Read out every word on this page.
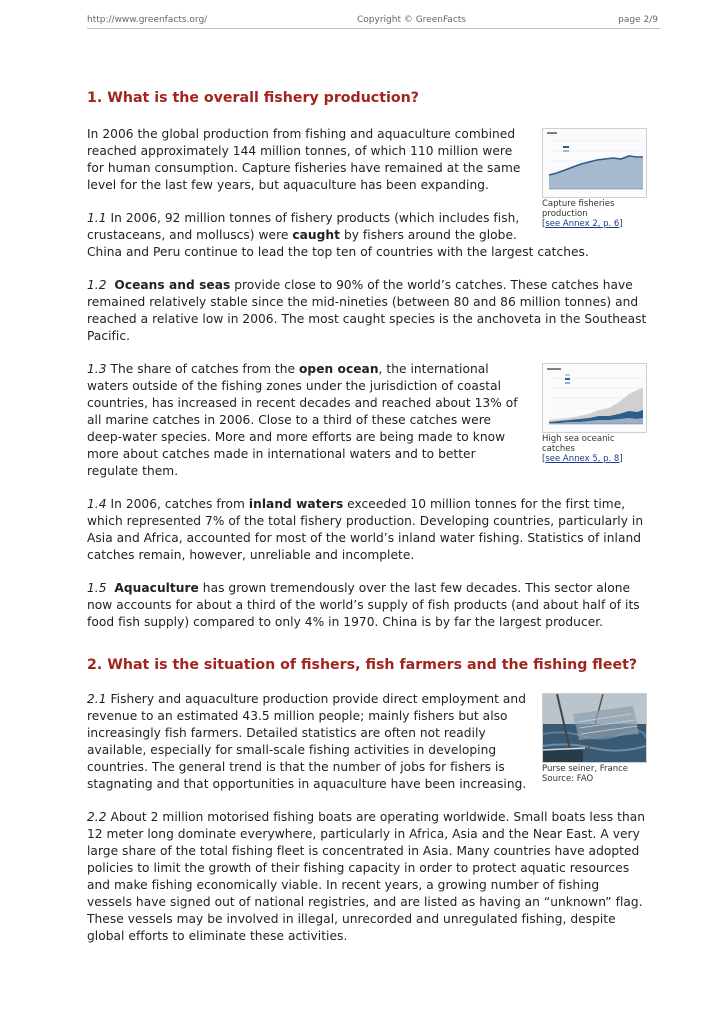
http://www.greenfacts.org/	Copyright © GreenFacts	page 2/9
1. What is the overall fishery production?
Capture fisheries production
[see Annex 2, p. 6]

In 2006 the global production from fishing and aquaculture combined reached approximately 144 million tonnes, of which 110 million were for human consumption. Capture fisheries have remained at the same level for the last few years, but aquaculture has been expanding.

1.1 In 2006, 92 million tonnes of fishery products (which includes fish, crustaceans, and molluscs) were caught by fishers around the globe. China and Peru continue to lead the top ten of countries with the largest catches.

1.2 Oceans and seas provide close to 90% of the world’s catches. These catches have remained relatively stable since the mid-nineties (between 80 and 86 million tonnes) and reached a relative low in 2006. The most caught species is the anchoveta in the Southeast Pacific.

High sea oceanic catches
[see Annex 5, p. 8]

1.3 The share of catches from the open ocean, the international waters outside of the fishing zones under the jurisdiction of coastal countries, has increased in recent decades and reached about 13% of all marine catches in 2006. Close to a third of these catches were deep-water species. More and more efforts are being made to know more about catches made in international waters and to better regulate them.

1.4 In 2006, catches from inland waters exceeded 10 million tonnes for the first time, which represented 7% of the total fishery production. Developing countries, particularly in Asia and Africa, accounted for most of the world’s inland water fishing. Statistics of inland catches remain, however, unreliable and incomplete.

1.5 Aquaculture has grown tremendously over the last few decades. This sector alone now accounts for about a third of the world’s supply of fish products (and about half of its food fish supply) compared to only 4% in 1970. China is by far the largest producer.

2. What is the situation of fishers, fish farmers and the fishing fleet?
Purse seiner, France
Source: FAO

2.1 Fishery and aquaculture production provide direct employment and revenue to an estimated 43.5 million people; mainly fishers but also increasingly fish farmers. Detailed statistics are often not readily available, especially for small-scale fishing activities in developing countries. The general trend is that the number of jobs for fishers is stagnating and that opportunities in aquaculture have been increasing.

2.2 About 2 million motorised fishing boats are operating worldwide. Small boats less than 12 meter long dominate everywhere, particularly in Africa, Asia and the Near East. A very large share of the total fishing fleet is concentrated in Asia. Many countries have adopted policies to limit the growth of their fishing capacity in order to protect aquatic resources and make fishing economically viable. In recent years, a growing number of fishing vessels have signed out of national registries, and are listed as having an “unknown” flag. These vessels may be involved in illegal, unrecorded and unregulated fishing, despite global efforts to eliminate these activities.
